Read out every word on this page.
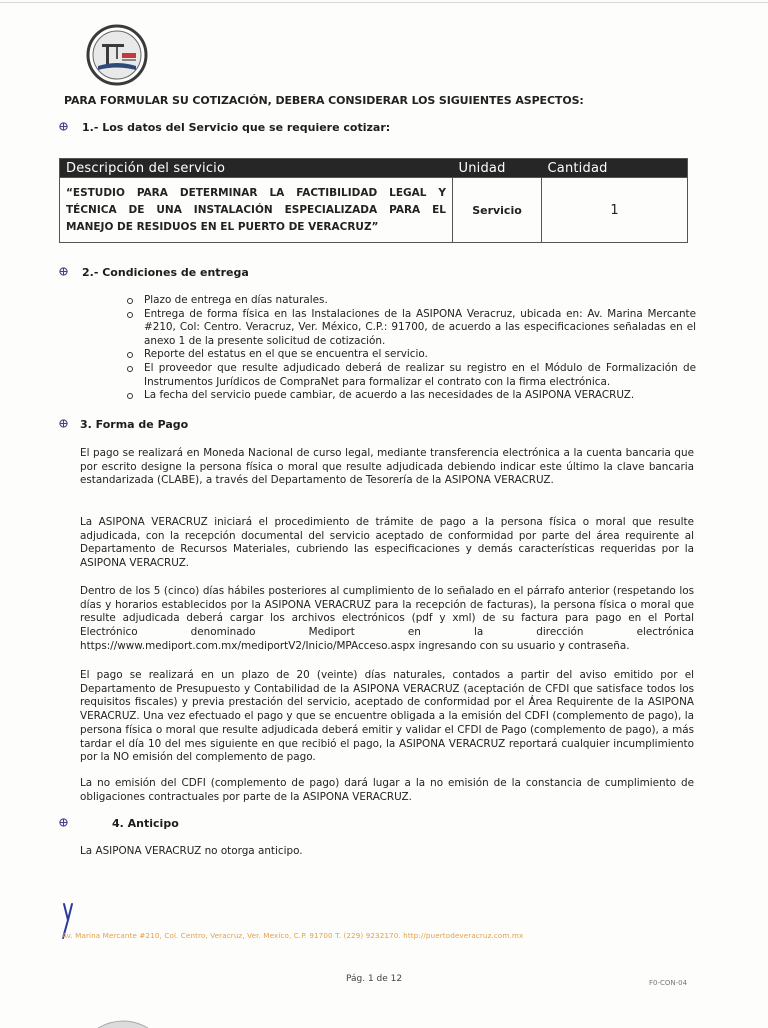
PARA FORMULAR SU COTIZACIÓN, DEBERA CONSIDERAR LOS SIGUIENTES ASPECTOS:
1.- Los datos del Servicio que se requiere cotizar:
Descripción del servicio	Unidad	Cantidad
“ESTUDIO PARA DETERMINAR LA FACTIBILIDAD LEGAL Y TÉCNICA DE UNA INSTALACIÓN ESPECIALIZADA PARA EL MANEJO DE RESIDUOS EN EL PUERTO DE VERACRUZ”	Servicio	1
2.- Condiciones de entrega
Plazo de entrega en días naturales.
Entrega de forma física en las Instalaciones de la ASIPONA Veracruz, ubicada en: Av. Marina Mercante #210, Col: Centro. Veracruz, Ver. México, C.P.: 91700, de acuerdo a las especificaciones señaladas en el anexo 1 de la presente solicitud de cotización.
Reporte del estatus en el que se encuentra el servicio.
El proveedor que resulte adjudicado deberá de realizar su registro en el Módulo de Formalización de Instrumentos Jurídicos de CompraNet para formalizar el contrato con la firma electrónica.
La fecha del servicio puede cambiar, de acuerdo a las necesidades de la ASIPONA VERACRUZ.
3. Forma de Pago

El pago se realizará en Moneda Nacional de curso legal, mediante transferencia electrónica a la cuenta bancaria que por escrito designe la persona física o moral que resulte adjudicada debiendo indicar este último la clave bancaria estandarizada (CLABE), a través del Departamento de Tesorería de la ASIPONA VERACRUZ.

La ASIPONA VERACRUZ iniciará el procedimiento de trámite de pago a la persona física o moral que resulte adjudicada, con la recepción documental del servicio aceptado de conformidad por parte del área requirente al Departamento de Recursos Materiales, cubriendo las especificaciones y demás características requeridas por la ASIPONA VERACRUZ.

Dentro de los 5 (cinco) días hábiles posteriores al cumplimiento de lo señalado en el párrafo anterior (respetando los días y horarios establecidos por la ASIPONA VERACRUZ para la recepción de facturas), la persona física o moral que resulte adjudicada deberá cargar los archivos electrónicos (pdf y xml) de su factura para pago en el Portal Electrónico denominado Mediport en la dirección electrónica https://www.mediport.com.mx/mediportV2/Inicio/MPAcceso.aspx ingresando con su usuario y contraseña.

El pago se realizará en un plazo de 20 (veinte) días naturales, contados a partir del aviso emitido por el Departamento de Presupuesto y Contabilidad de la ASIPONA VERACRUZ (aceptación de CFDI que satisface todos los requisitos fiscales) y previa prestación del servicio, aceptado de conformidad por el Área Requirente de la ASIPONA VERACRUZ. Una vez efectuado el pago y que se encuentre obligada a la emisión del CDFI (complemento de pago), la persona física o moral que resulte adjudicada deberá emitir y validar el CFDI de Pago (complemento de pago), a más tardar el día 10 del mes siguiente en que recibió el pago, la ASIPONA VERACRUZ reportará cualquier incumplimiento por la NO emisión del complemento de pago.

La no emisión del CDFI (complemento de pago) dará lugar a la no emisión de la constancia de cumplimiento de obligaciones contractuales por parte de la ASIPONA VERACRUZ.

4. Anticipo

La ASIPONA VERACRUZ no otorga anticipo.

Av. Marina Mercante #210, Col. Centro, Veracruz, Ver. Mexico, C.P. 91700 T. (229) 9232170. http://puertodeveracruz.com.mx
Pág. 1 de 12	F0-CON-04
